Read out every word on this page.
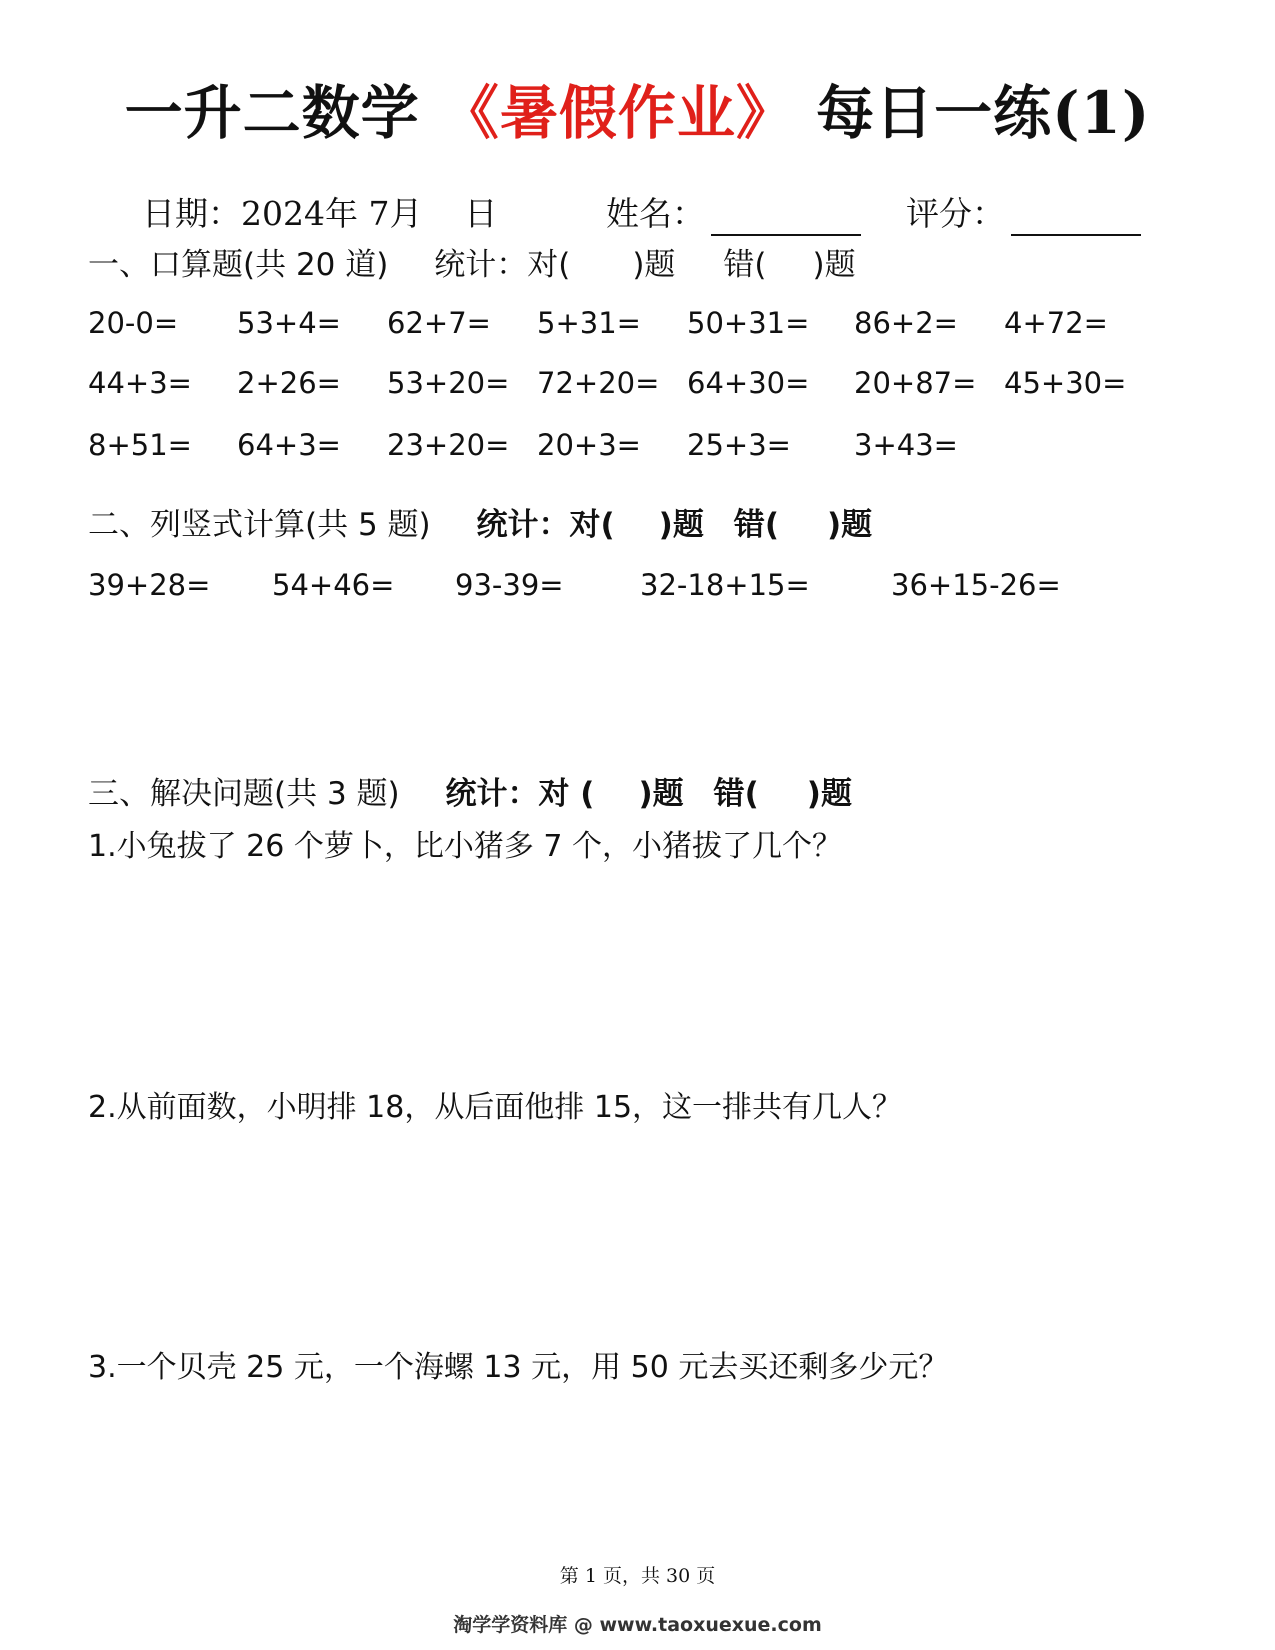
一升二数学 《暑假作业》 每日一练(1)
日期：2024年 7月    日	姓名：	评分：
一、口算题(共 20 道) 统计：对( )题 错( )题
20-0= 53+4= 62+7= 5+31= 50+31= 86+2= 4+72=
44+3= 2+26= 53+20= 72+20= 64+30= 20+87= 45+30=
8+51= 64+3= 23+20= 20+3= 25+3= 3+43=
二、列竖式计算(共 5 题) 统计：对( )题 错( )题
39+28= 54+46= 93-39=	32-18+15=	36+15-26=
三、解决问题(共 3 题) 统计：对 ( )题 错( )题
1.小兔拔了 26 个萝卜，比小猪多 7 个，小猪拔了几个？
2.从前面数，小明排 18，从后面他排 15，这一排共有几人？
3.一个贝壳 25 元，一个海螺 13 元，用 50 元去买还剩多少元？
第 1 页，共 30 页
淘学学资料库 @ www.taoxuexue.com
